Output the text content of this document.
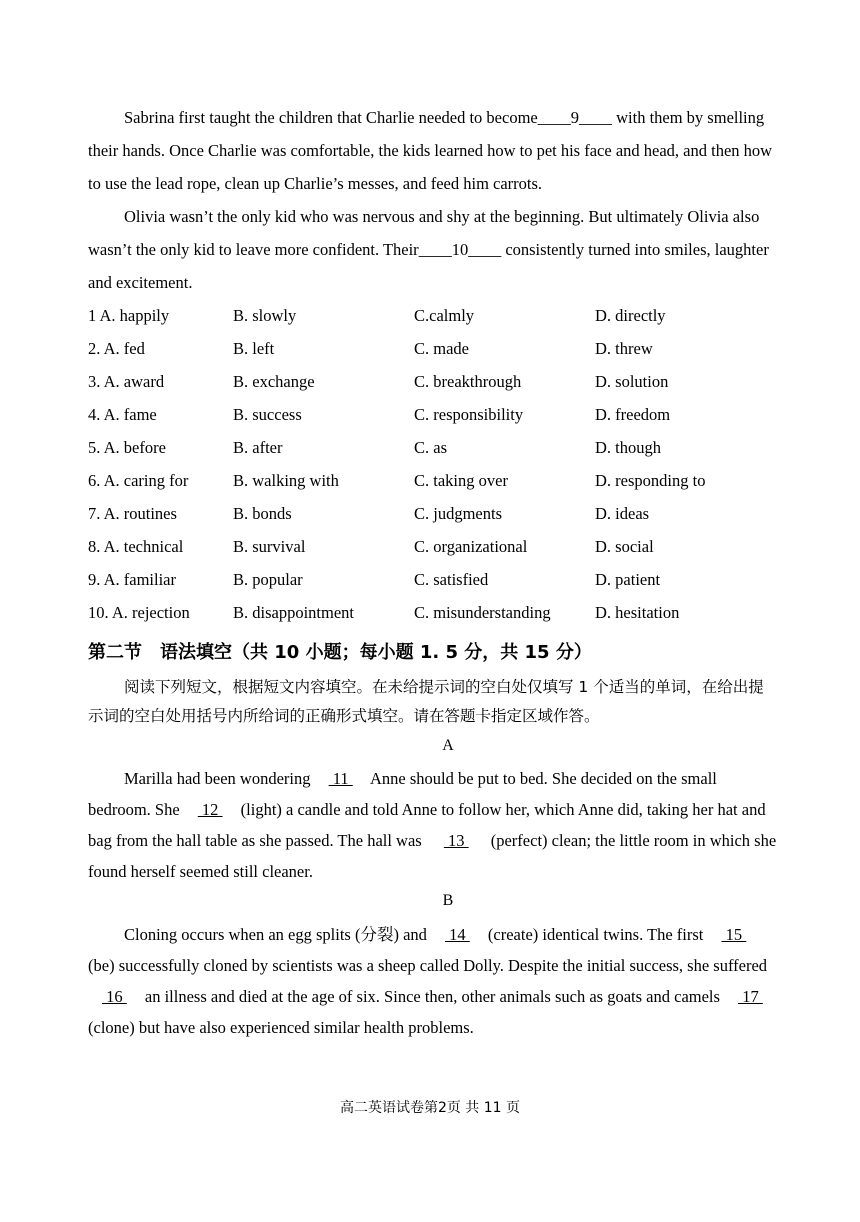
Sabrina first taught the children that Charlie needed to become____9____ with them by smelling their hands. Once Charlie was comfortable, the kids learned how to pet his face and head, and then how to use the lead rope, clean up Charlie’s messes, and feed him carrots.
Olivia wasn’t the only kid who was nervous and shy at the beginning. But ultimately Olivia also wasn’t the only kid to leave more confident. Their____10____ consistently turned into smiles, laughter and excitement.
1 A. happily	B. slowly	C.calmly	D. directly
2. A. fed	B. left	C. made	D. threw
3. A. award	B. exchange	C. breakthrough	D. solution
4. A. fame	B. success	C. responsibility	D. freedom
5. A. before	B. after	C. as	D. though
6. A. caring for	B. walking with	C. taking over	D. responding to
7. A. routines	B. bonds	C. judgments	D. ideas
8. A. technical	B. survival	C. organizational	D. social
9. A. familiar	B. popular	C. satisfied	D. patient
10. A. rejection	B. disappointment	C. misunderstanding	D. hesitation
第二节　语法填空（共 10 小题；每小题 1. 5 分，共 15 分）
阅读下列短文，根据短文内容填空。在未给提示词的空白处仅填写 1 个适当的单词，在给出提示词的空白处用括号内所给词的正确形式填空。请在答题卡指定区域作答。
A
Marilla had been wondering  11  Anne should be put to bed. She decided on the small bedroom. She  12  (light) a candle and told Anne to follow her, which Anne did, taking her hat and bag from the hall table as she passed. The hall was  13  (perfect) clean; the little room in which she found herself seemed still cleaner.
B
Cloning occurs when an egg splits (分裂) and  14  (create) identical twins. The first  15  (be) successfully cloned by scientists was a sheep called Dolly. Despite the initial success, she suffered  16  an illness and died at the age of six. Since then, other animals such as goats and camels  17  (clone) but have also experienced similar health problems.
高二英语试卷第2页 共 11 页
